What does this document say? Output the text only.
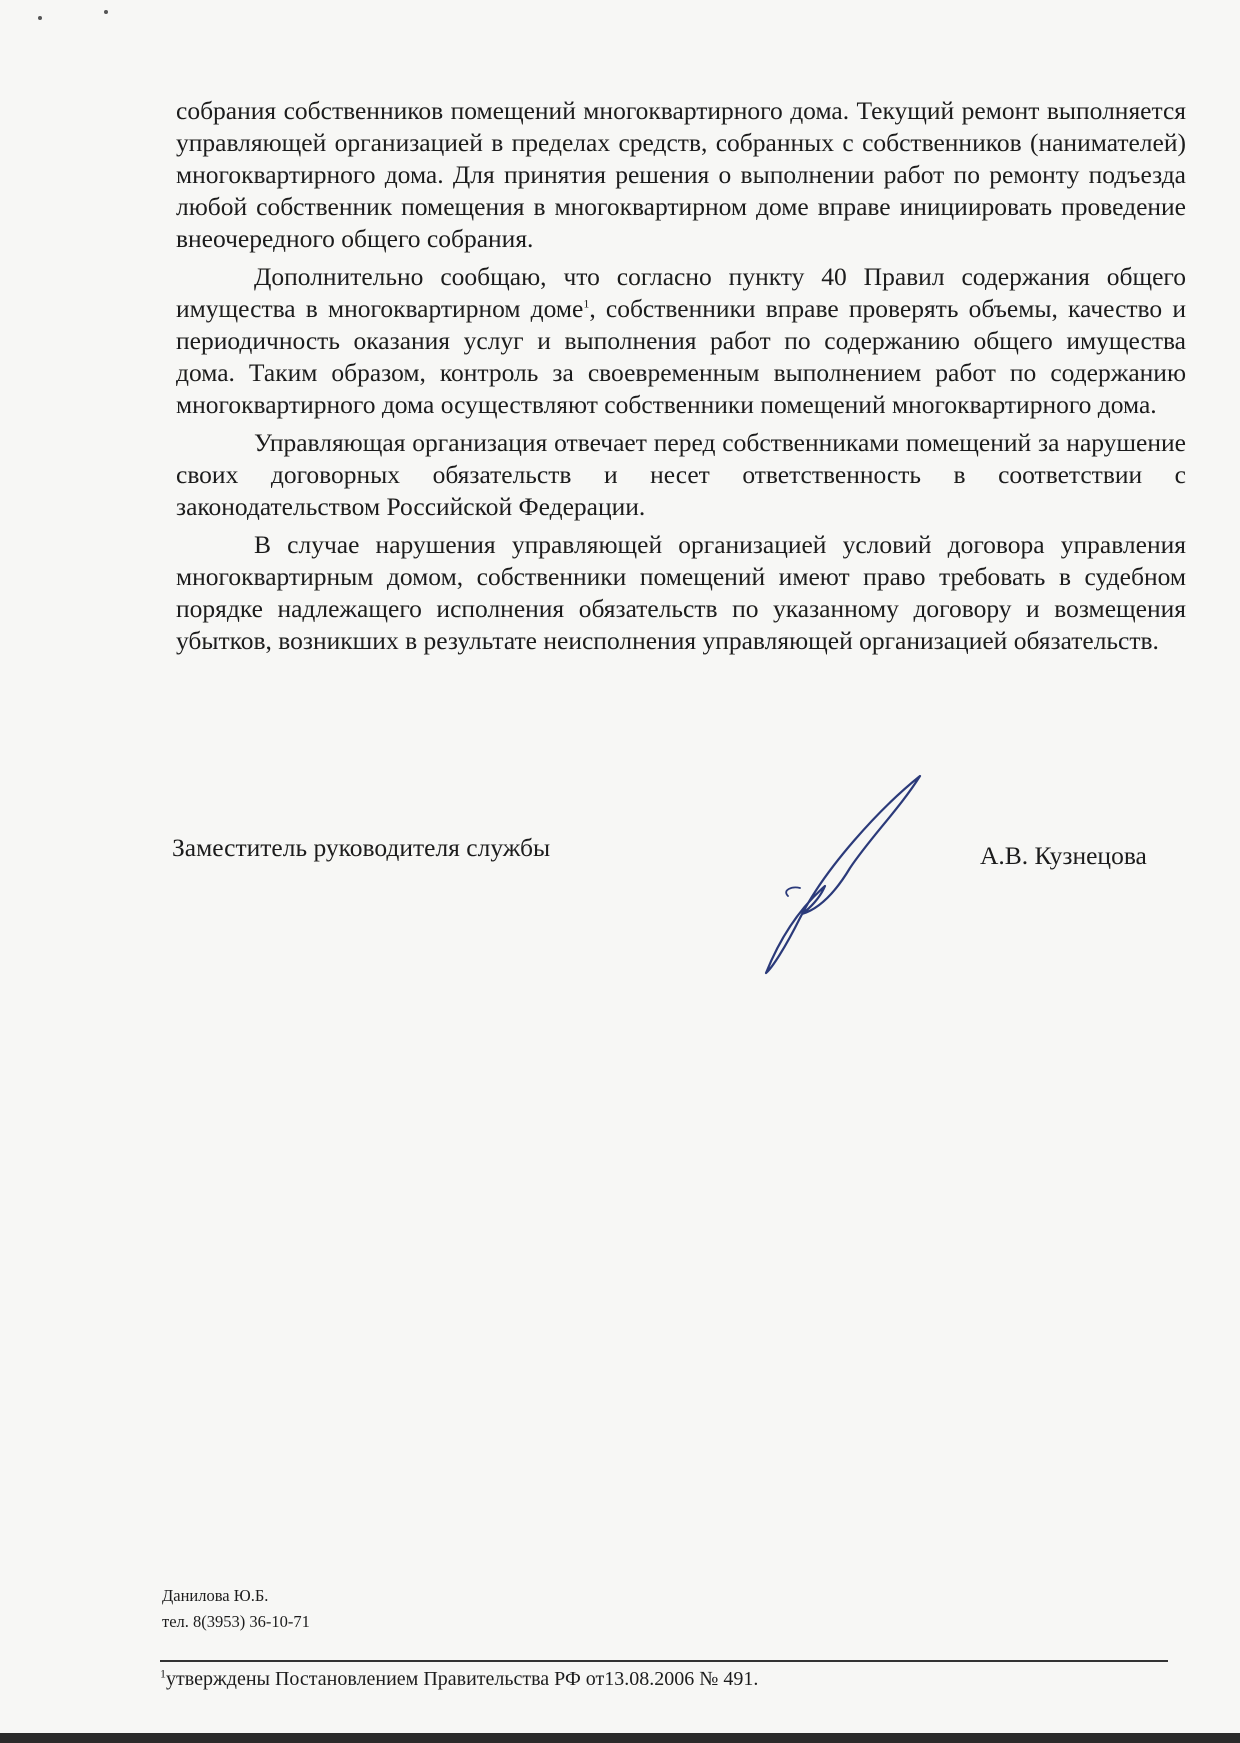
собрания собственников помещений многоквартирного дома. Текущий ремонт выполняется управляющей организацией в пределах средств, собранных с собственников (нанимателей) многоквартирного дома. Для принятия решения о выполнении работ по ремонту подъезда любой собственник помещения в многоквартирном доме вправе инициировать проведение внеочередного общего собрания.

Дополнительно сообщаю, что согласно пункту 40 Правил содержания общего имущества в многоквартирном доме$^1$, собственники вправе проверять объемы, качество и периодичность оказания услуг и выполнения работ по содержанию общего имущества дома. Таким образом, контроль за своевременным выполнением работ по содержанию многоквартирного дома осуществляют собственники помещений многоквартирного дома.

Управляющая организация отвечает перед собственниками помещений за нарушение своих договорных обязательств и несет ответственность в соответствии с законодательством Российской Федерации.

В случае нарушения управляющей организацией условий договора управления многоквартирным домом, собственники помещений имеют право требовать в судебном порядке надлежащего исполнения обязательств по указанному договору и возмещения убытков, возникших в результате неисполнения управляющей организацией обязательств.

Заместитель руководителя службы	А.В. Кузнецова
Данилова Ю.Б.
тел. 8(3953) 36-10-71
$^1$утверждены Постановлением Правительства РФ от13.08.2006 № 491.
